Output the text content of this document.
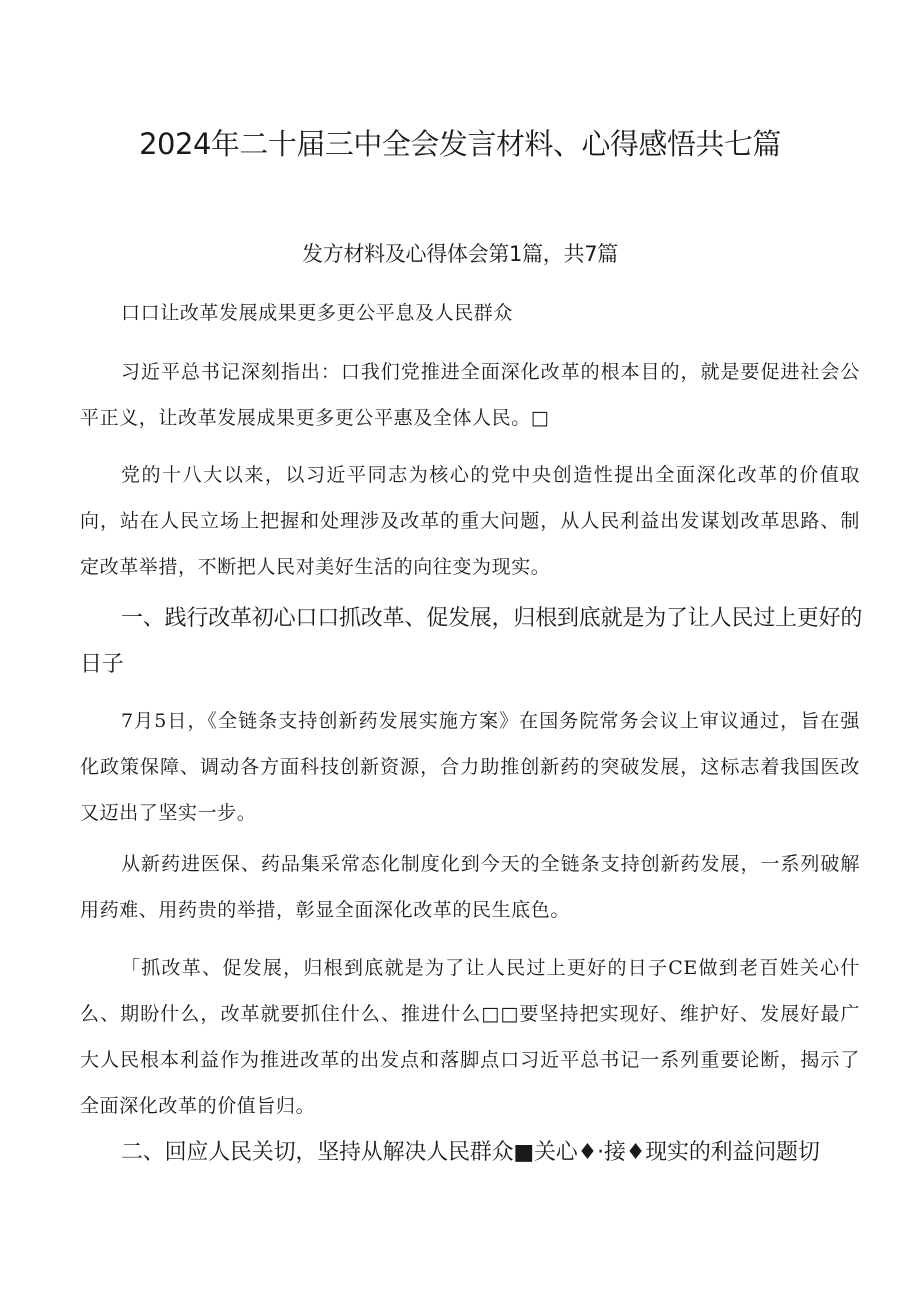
2024年二十届三中全会发言材料、心得感悟共七篇
发方材料及心得体会第1篇，共7篇

口口让改革发展成果更多更公平息及人民群众

习近平总书记深刻指出：口我们党推进全面深化改革的根本目的，就是要促进社会公平正义，让改革发展成果更多更公平惠及全体人民。□

党的十八大以来，以习近平同志为核心的党中央创造性提出全面深化改革的价值取向，站在人民立场上把握和处理涉及改革的重大问题，从人民利益出发谋划改革思路、制定改革举措，不断把人民对美好生活的向往变为现实。

一、践行改革初心口口抓改革、促发展，归根到底就是为了让人民过上更好的日子

7月5日，《全链条支持创新药发展实施方案》在国务院常务会议上审议通过，旨在强化政策保障、调动各方面科技创新资源，合力助推创新药的突破发展，这标志着我国医改又迈出了坚实一步。

从新药进医保、药品集采常态化制度化到今天的全链条支持创新药发展，一系列破解用药难、用药贵的举措，彰显全面深化改革的民生底色。

「抓改革、促发展，归根到底就是为了让人民过上更好的日子CE做到老百姓关心什么、期盼什么，改革就要抓住什么、推进什么□□要坚持把实现好、维护好、发展好最广大人民根本利益作为推进改革的出发点和落脚点口习近平总书记一系列重要论断，揭示了全面深化改革的价值旨归。

二、回应人民关切，坚持从解决人民群众■关心♦·接♦现实的利益问题切
